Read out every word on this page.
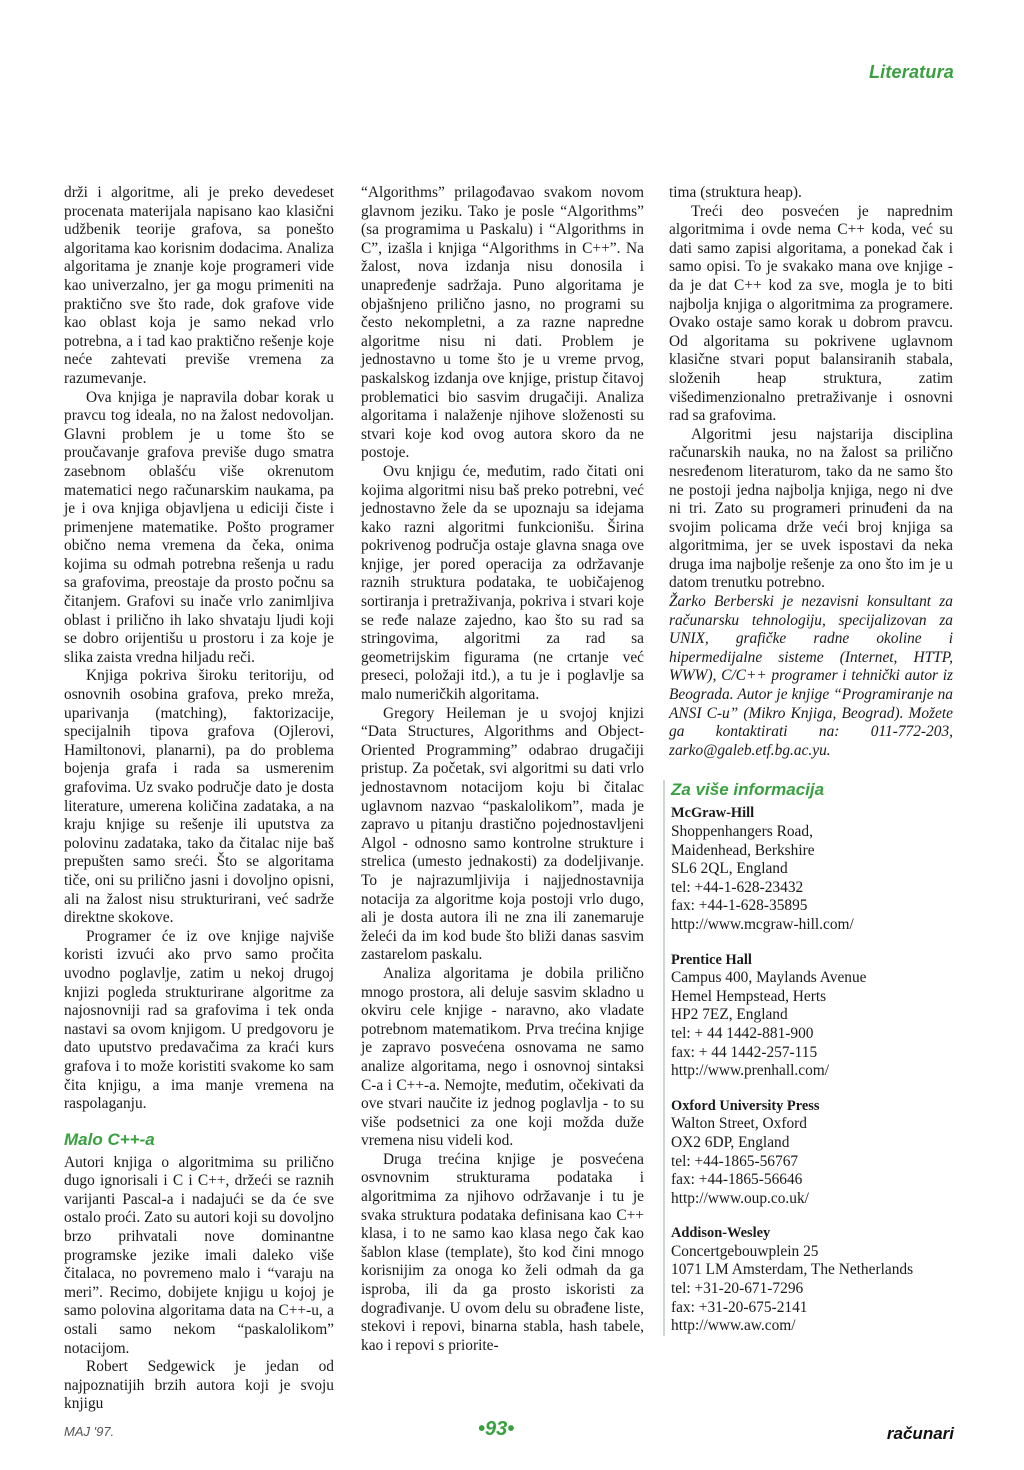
Literatura

drži i algoritme, ali je preko devedeset procenata materijala napisano kao klasični udžbenik teorije grafova, sa ponešto algoritama kao korisnim dodacima. Analiza algoritama je znanje koje programeri vide kao univerzalno, jer ga mogu primeniti na praktično sve što rade, dok grafove vide kao oblast koja je samo nekad vrlo potrebna, a i tad kao praktično rešenje koje neće zahtevati previše vremena za razumevanje.

Ova knjiga je napravila dobar korak u pravcu tog ideala, no na žalost nedovoljan. Glavni problem je u tome što se proučavanje grafova previše dugo smatra zasebnom oblašću više okrenutom matematici nego računarskim naukama, pa je i ova knjiga objavljena u ediciji čiste i primenjene matematike. Pošto programer obično nema vremena da čeka, onima kojima su odmah potrebna rešenja u radu sa grafovima, preostaje da prosto počnu sa čitanjem. Grafovi su inače vrlo zanimljiva oblast i prilično ih lako shvataju ljudi koji se dobro orijentišu u prostoru i za koje je slika zaista vredna hiljadu reči.

Knjiga pokriva široku teritoriju, od osnovnih osobina grafova, preko mreža, uparivanja (matching), faktorizacije, specijalnih tipova grafova (Ojlerovi, Hamiltonovi, planarni), pa do problema bojenja grafa i rada sa usmerenim grafovima. Uz svako područje dato je dosta literature, umerena količina zadataka, a na kraju knjige su rešenje ili uputstva za polovinu zadataka, tako da čitalac nije baš prepušten samo sreći. Što se algoritama tiče, oni su prilično jasni i dovoljno opisni, ali na žalost nisu strukturirani, već sadrže direktne skokove.

Programer će iz ove knjige najviše koristi izvući ako prvo samo pročita uvodno poglavlje, zatim u nekoj drugoj knjizi pogleda strukturirane algoritme za najosnovniji rad sa grafovima i tek onda nastavi sa ovom knjigom. U predgovoru je dato uputstvo predavačima za kraći kurs grafova i to može koristiti svakome ko sam čita knjigu, a ima manje vremena na raspolaganju.

Malo C++-a

Autori knjiga o algoritmima su prilično dugo ignorisali i C i C++, držeći se raznih varijanti Pascal-a i nadajući se da će sve ostalo proći. Zato su autori koji su dovoljno brzo prihvatali nove dominantne programske jezike imali daleko više čitalaca, no povremeno malo i “varaju na meri”. Recimo, dobijete knjigu u kojoj je samo polovina algoritama data na C++-u, a ostali samo nekom “paskalolikom” notacijom.

Robert Sedgewick je jedan od najpoznatijih brzih autora koji je svoju knjigu

“Algorithms” prilagođavao svakom novom glavnom jeziku. Tako je posle “Algorithms” (sa programima u Paskalu) i “Algorithms in C”, izašla i knjiga “Algorithms in C++”. Na žalost, nova izdanja nisu donosila i unapređenje sadržaja. Puno algoritama je objašnjeno prilično jasno, no programi su često nekompletni, a za razne napredne algoritme nisu ni dati. Problem je jednostavno u tome što je u vreme prvog, paskalskog izdanja ove knjige, pristup čitavoj problematici bio sasvim drugačiji. Analiza algoritama i nalaženje njihove složenosti su stvari koje kod ovog autora skoro da ne postoje.

Ovu knjigu će, međutim, rado čitati oni kojima algoritmi nisu baš preko potrebni, već jednostavno žele da se upoznaju sa idejama kako razni algoritmi funkcionišu. Širina pokrivenog područja ostaje glavna snaga ove knjige, jer pored operacija za održavanje raznih struktura podataka, te uobičajenog sortiranja i pretraživanja, pokriva i stvari koje se ređe nalaze zajedno, kao što su rad sa stringovima, algoritmi za rad sa geometrijskim figurama (ne crtanje već preseci, položaji itd.), a tu je i poglavlje sa malo numeričkih algoritama.

Gregory Heileman je u svojoj knjizi “Data Structures, Algorithms and Object-Oriented Programming” odabrao drugačiji pristup. Za početak, svi algoritmi su dati vrlo jednostavnom notacijom koju bi čitalac uglavnom nazvao “paskalolikom”, mada je zapravo u pitanju drastično pojednostavljeni Algol - odnosno samo kontrolne strukture i strelica (umesto jednakosti) za dodeljivanje. To je najrazumljivija i najjednostavnija notacija za algoritme koja postoji vrlo dugo, ali je dosta autora ili ne zna ili zanemaruje želeći da im kod bude što bliži danas sasvim zastarelom paskalu.

Analiza algoritama je dobila prilično mnogo prostora, ali deluje sasvim skladno u okviru cele knjige - naravno, ako vladate potrebnom matematikom. Prva trećina knjige je zapravo posvećena osnovama ne samo analize algoritama, nego i osnovnoj sintaksi C-a i C++-a. Nemojte, međutim, očekivati da ove stvari naučite iz jednog poglavlja - to su više podsetnici za one koji možda duže vremena nisu videli kod.

Druga trećina knjige je posvećena osvnovnim strukturama podataka i algoritmima za njihovo održavanje i tu je svaka struktura podataka definisana kao C++ klasa, i to ne samo kao klasa nego čak kao šablon klase (template), što kod čini mnogo korisnijim za onoga ko želi odmah da ga isproba, ili da ga prosto iskoristi za dograđivanje. U ovom delu su obrađene liste, stekovi i repovi, binarna stabla, hash tabele, kao i repovi s priorite-

tima (struktura heap).

Treći deo posvećen je naprednim algoritmima i ovde nema C++ koda, već su dati samo zapisi algoritama, a ponekad čak i samo opisi. To je svakako mana ove knjige - da je dat C++ kod za sve, mogla je to biti najbolja knjiga o algoritmima za programere. Ovako ostaje samo korak u dobrom pravcu. Od algoritama su pokrivene uglavnom klasične stvari poput balansiranih stabala, složenih heap struktura, zatim višedimenzionalno pretraživanje i osnovni rad sa grafovima.

Algoritmi jesu najstarija disciplina računarskih nauka, no na žalost sa prilično nesređenom literaturom, tako da ne samo što ne postoji jedna najbolja knjiga, nego ni dve ni tri. Zato su programeri prinuđeni da na svojim policama drže veći broj knjiga sa algoritmima, jer se uvek ispostavi da neka druga ima najbolje rešenje za ono što im je u datom trenutku potrebno.

Žarko Berberski je nezavisni konsultant za računarsku tehnologiju, specijalizovan za UNIX, grafičke radne okoline i hipermedijalne sisteme (Internet, HTTP, WWW), C/C++ programer i tehnički autor iz Beograda. Autor je knjige “Programiranje na ANSI C-u” (Mikro Knjiga, Beograd). Možete ga kontaktirati na: 011-772-203, zarko@galeb.etf.bg.ac.yu.

Za više informacija
McGraw-Hill
Shoppenhangers Road,
Maidenhead, Berkshire
SL6 2QL, England
tel: +44-1-628-23432
fax: +44-1-628-35895
http://www.mcgraw-hill.com/
Prentice Hall
Campus 400, Maylands Avenue
Hemel Hempstead, Herts
HP2 7EZ, England
tel: + 44 1442-881-900
fax: + 44 1442-257-115
http://www.prenhall.com/
Oxford University Press
Walton Street, Oxford
OX2 6DP, England
tel: +44-1865-56767
fax: +44-1865-56646
http://www.oup.co.uk/
Addison-Wesley
Concertgebouwplein 25
1071 LM Amsterdam, The Netherlands
tel: +31-20-671-7296
fax: +31-20-675-2141
http://www.aw.com/
MAJ '97.	•93•	računari
